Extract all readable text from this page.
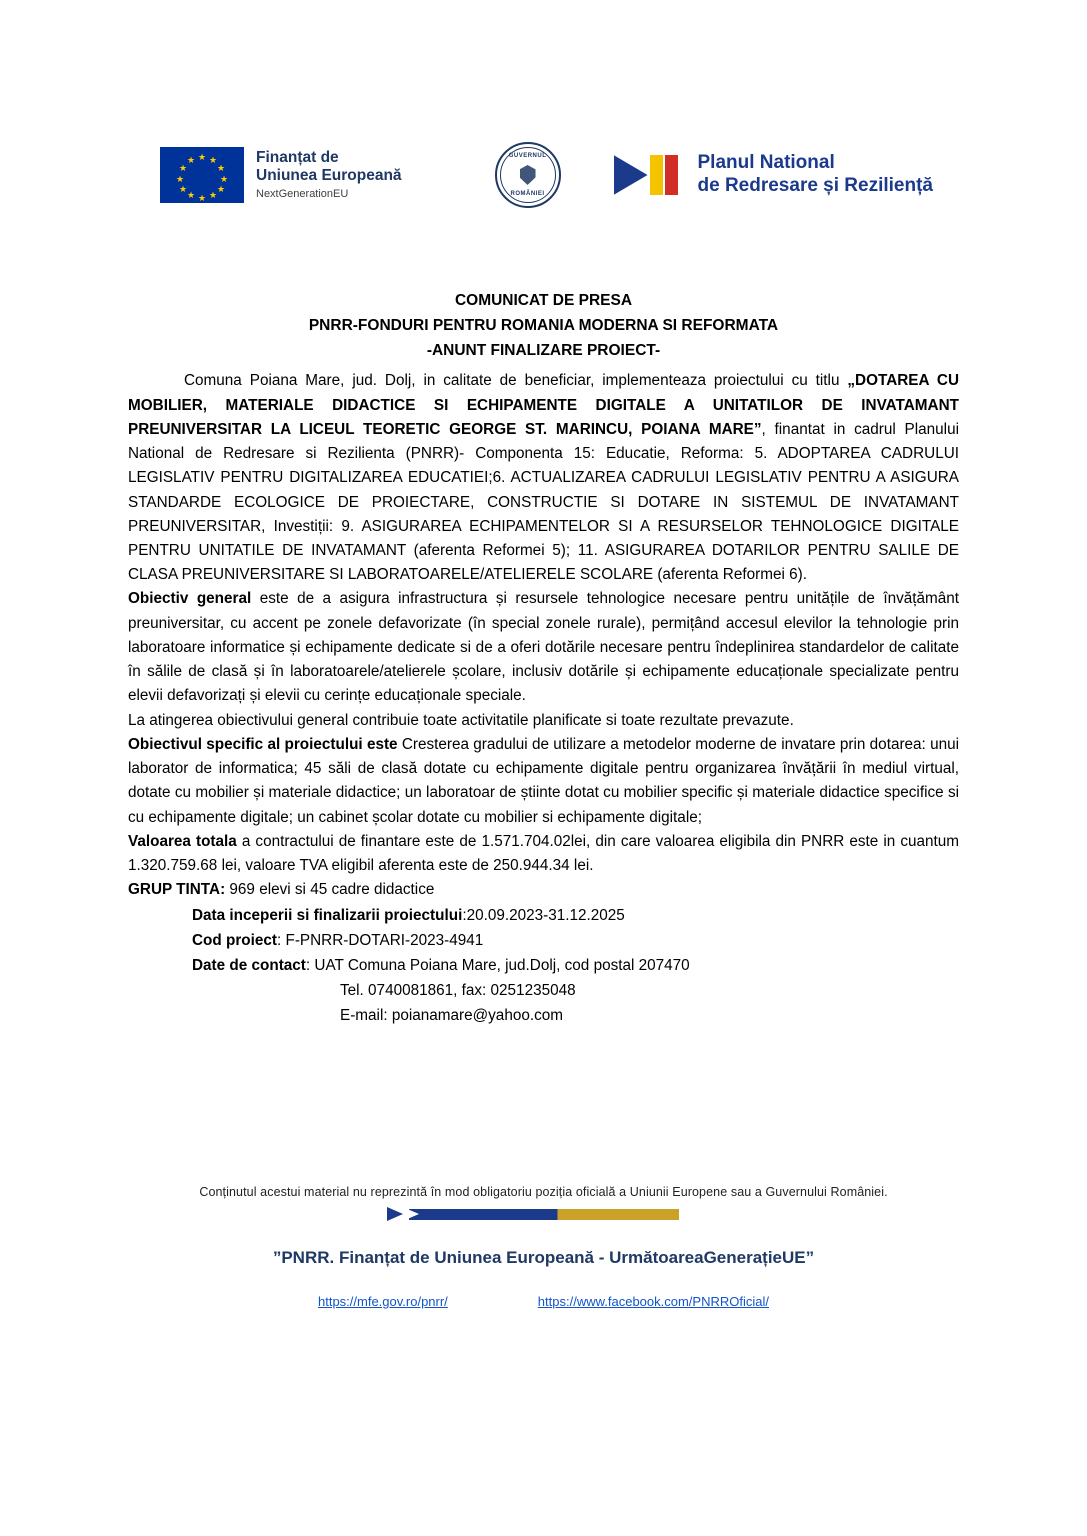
★ ★
★
★
★
★
★
★
★
★
★
★	Finanțat de
Uniunea Europeană
NextGenerationEU
GUVERNUL
ROMÂNIEI
Planul National
de Redresare și Reziliență
COMUNICAT DE PRESA
PNRR-FONDURI PENTRU ROMANIA MODERNA SI REFORMATA
-ANUNT FINALIZARE PROIECT-

Comuna Poiana Mare, jud. Dolj, in calitate de beneficiar, implementeaza proiectului cu titlu „DOTAREA CU MOBILIER, MATERIALE DIDACTICE SI ECHIPAMENTE DIGITALE A UNITATILOR DE INVATAMANT PREUNIVERSITAR LA LICEUL TEORETIC GEORGE ST. MARINCU, POIANA MARE”, finantat in cadrul Planului National de Redresare si Rezilienta (PNRR)- Componenta 15: Educatie, Reforma: 5. ADOPTAREA CADRULUI LEGISLATIV PENTRU DIGITALIZAREA EDUCATIEI;6. ACTUALIZAREA CADRULUI LEGISLATIV PENTRU A ASIGURA STANDARDE ECOLOGICE DE PROIECTARE, CONSTRUCTIE SI DOTARE IN SISTEMUL DE INVATAMANT PREUNIVERSITAR, Investiții: 9. ASIGURAREA ECHIPAMENTELOR SI A RESURSELOR TEHNOLOGICE DIGITALE PENTRU UNITATILE DE INVATAMANT (aferenta Reformei 5); 11. ASIGURAREA DOTARILOR PENTRU SALILE DE CLASA PREUNIVERSITARE SI LABORATOARELE/ATELIERELE SCOLARE (aferenta Reformei 6).

Obiectiv general este de a asigura infrastructura și resursele tehnologice necesare pentru unitățile de învățământ preuniversitar, cu accent pe zonele defavorizate (în special zonele rurale), permițând accesul elevilor la tehnologie prin laboratoare informatice și echipamente dedicate si de a oferi dotările necesare pentru îndeplinirea standardelor de calitate în sălile de clasă și în laboratoarele/atelierele școlare, inclusiv dotările și echipamente educaționale specializate pentru elevii defavorizați și elevii cu cerințe educaționale speciale.

La atingerea obiectivului general contribuie toate activitatile planificate si toate rezultate prevazute.

Obiectivul specific al proiectului este Cresterea gradului de utilizare a metodelor moderne de invatare prin dotarea: unui laborator de informatica; 45 săli de clasă dotate cu echipamente digitale pentru organizarea învățării în mediul virtual, dotate cu mobilier și materiale didactice; un laboratoar de știinte dotat cu mobilier specific și materiale didactice specifice si cu echipamente digitale; un cabinet școlar dotate cu mobilier si echipamente digitale;

Valoarea totala a contractului de finantare este de 1.571.704.02lei, din care valoarea eligibila din PNRR este in cuantum 1.320.759.68 lei, valoare TVA eligibil aferenta este de 250.944.34 lei.

GRUP TINTA: 969 elevi si 45 cadre didactice

Data inceperii si finalizarii proiectului:20.09.2023-31.12.2025
Cod proiect: F-PNRR-DOTARI-2023-4941
Date de contact: UAT Comuna Poiana Mare, jud.Dolj, cod postal 207470
Tel. 0740081861, fax: 0251235048
E-mail: poianamare@yahoo.com
Conținutul acestui material nu reprezintă în mod obligatoriu poziția oficială a Uniunii Europene sau a Guvernului României.
”PNRR. Finanțat de Uniunea Europeană - UrmătoareaGenerațieUE”
https://mfe.gov.ro/pnrr/	https://www.facebook.com/PNRROficial/
